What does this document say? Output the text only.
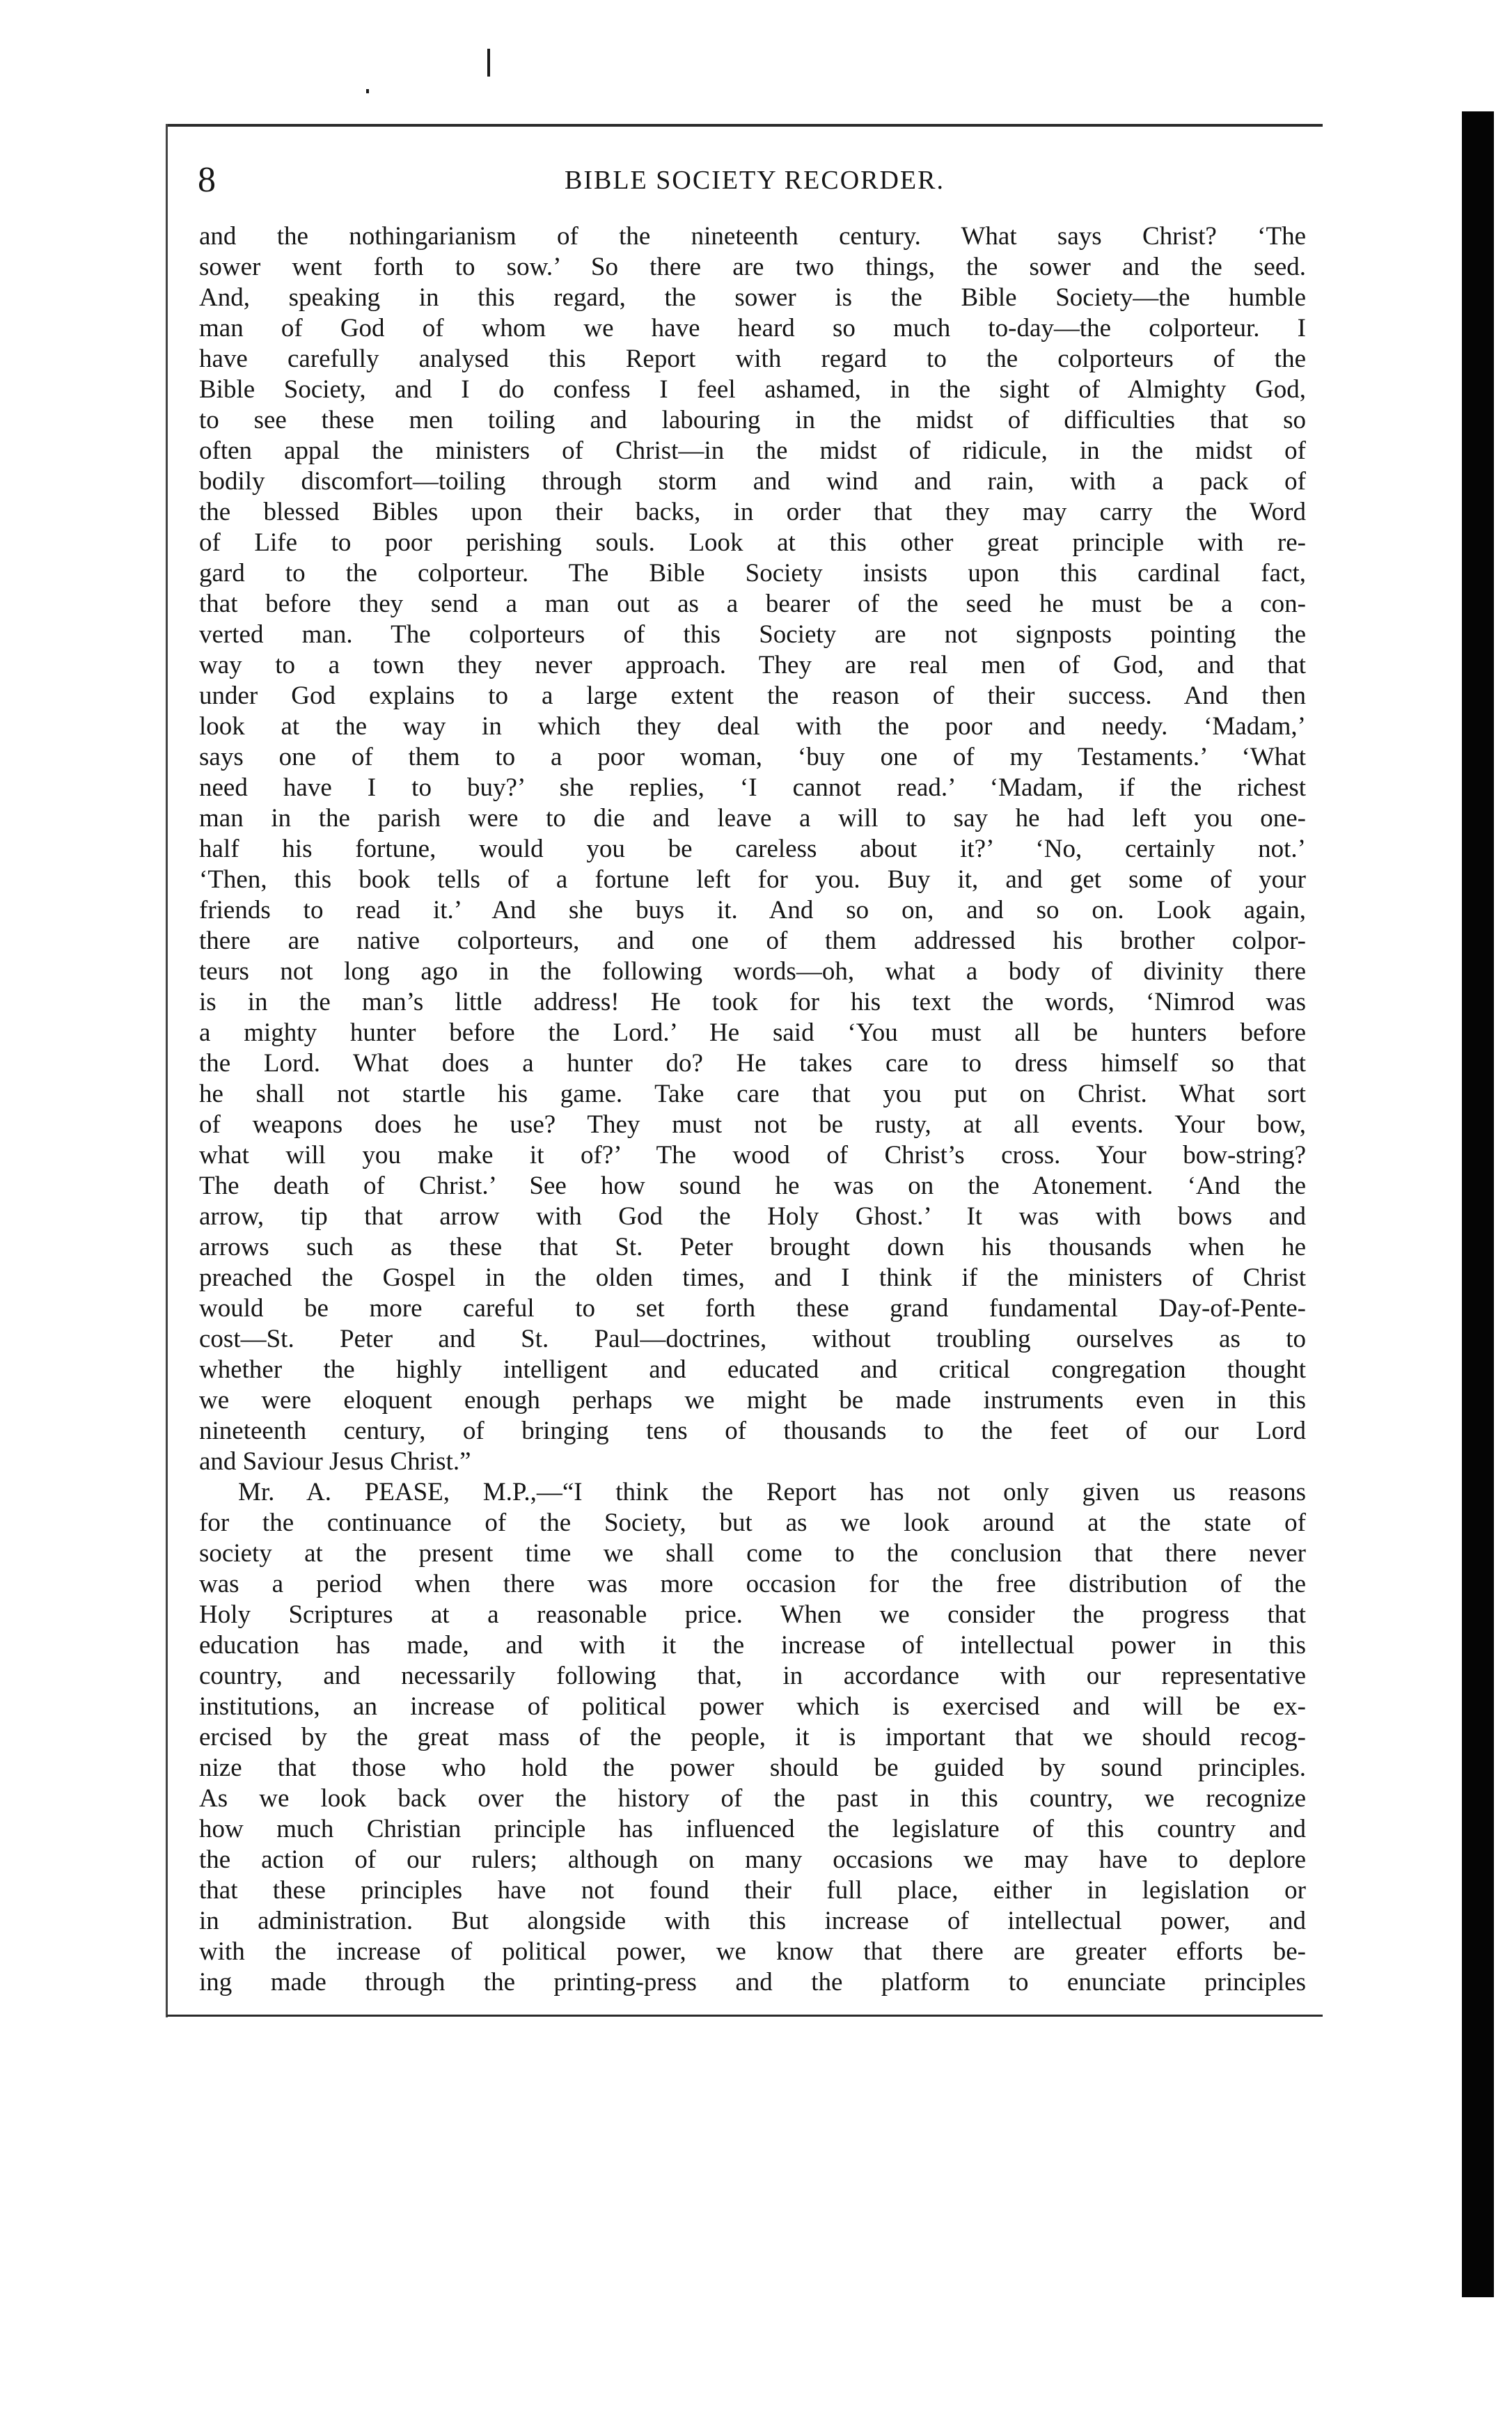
8	BIBLE SOCIETY RECORDER.
and the nothingarianism of the nineteenth century. What says Christ? ‘The
sower went forth to sow.’ So there are two things, the sower and the seed.
And, speaking in this regard, the sower is the Bible Society—the humble
man of God of whom we have heard so much to-day—the colporteur. I
have carefully analysed this Report with regard to the colporteurs of the
Bible Society, and I do confess I feel ashamed, in the sight of Almighty God,
to see these men toiling and labouring in the midst of difficulties that so
often appal the ministers of Christ—in the midst of ridicule, in the midst of
bodily discomfort—toiling through storm and wind and rain, with a pack of
the blessed Bibles upon their backs, in order that they may carry the Word
of Life to poor perishing souls. Look at this other great principle with re-
gard to the colporteur. The Bible Society insists upon this cardinal fact,
that before they send a man out as a bearer of the seed he must be a con-
verted man. The colporteurs of this Society are not signposts pointing the
way to a town they never approach. They are real men of God, and that
under God explains to a large extent the reason of their success. And then
look at the way in which they deal with the poor and needy. ‘Madam,’
says one of them to a poor woman, ‘buy one of my Testaments.’ ‘What
need have I to buy?’ she replies, ‘I cannot read.’ ‘Madam, if the richest
man in the parish were to die and leave a will to say he had left you one-
half his fortune, would you be careless about it?’ ‘No, certainly not.’
‘Then, this book tells of a fortune left for you. Buy it, and get some of your
friends to read it.’ And she buys it. And so on, and so on. Look again,
there are native colporteurs, and one of them addressed his brother colpor-
teurs not long ago in the following words—oh, what a body of divinity there
is in the man’s little address! He took for his text the words, ‘Nimrod was
a mighty hunter before the Lord.’ He said ‘You must all be hunters before
the Lord. What does a hunter do? He takes care to dress himself so that
he shall not startle his game. Take care that you put on Christ. What sort
of weapons does he use? They must not be rusty, at all events. Your bow,
what will you make it of?’ The wood of Christ’s cross. Your bow-string?
The death of Christ.’ See how sound he was on the Atonement. ‘And the
arrow, tip that arrow with God the Holy Ghost.’ It was with bows and
arrows such as these that St. Peter brought down his thousands when he
preached the Gospel in the olden times, and I think if the ministers of Christ
would be more careful to set forth these grand fundamental Day-of-Pente-
cost—St. Peter and St. Paul—doctrines, without troubling ourselves as to
whether the highly intelligent and educated and critical congregation thought
we were eloquent enough perhaps we might be made instruments even in this
nineteenth century, of bringing tens of thousands to the feet of our Lord
and Saviour Jesus Christ.”
Mr. A. PEASE, M.P.,—“I think the Report has not only given us reasons
for the continuance of the Society, but as we look around at the state of
society at the present time we shall come to the conclusion that there never
was a period when there was more occasion for the free distribution of the
Holy Scriptures at a reasonable price. When we consider the progress that
education has made, and with it the increase of intellectual power in this
country, and necessarily following that, in accordance with our representative
institutions, an increase of political power which is exercised and will be ex-
ercised by the great mass of the people, it is important that we should recog-
nize that those who hold the power should be guided by sound principles.
As we look back over the history of the past in this country, we recognize
how much Christian principle has influenced the legislature of this country and
the action of our rulers; although on many occasions we may have to deplore
that these principles have not found their full place, either in legislation or
in administration. But alongside with this increase of intellectual power, and
with the increase of political power, we know that there are greater efforts be-
ing made through the printing-press and the platform to enunciate principles
